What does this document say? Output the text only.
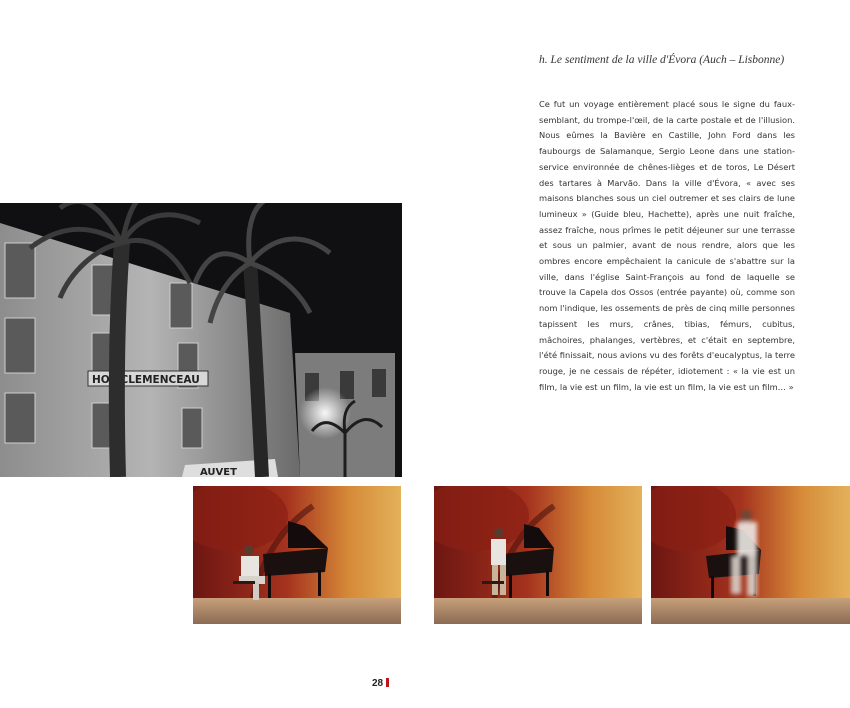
h. Le sentiment de la ville d'Évora (Auch – Lisbonne)
Ce fut un voyage entièrement placé sous le signe du faux-semblant, du trompe-l'œil, de la carte postale et de l'illusion. Nous eûmes la Bavière en Castille, John Ford dans les faubourgs de Salamanque, Sergio Leone dans une station-service environnée de chênes-lièges et de toros, Le Désert des tartares à Marvão. Dans la ville d'Évora, « avec ses maisons blanches sous un ciel outremer et ses clairs de lune lumineux » (Guide bleu, Hachette), après une nuit fraîche, assez fraîche, nous prîmes le petit déjeuner sur une terrasse et sous un palmier, avant de nous rendre, alors que les ombres encore empêchaient la canicule de s'abattre sur la ville, dans l'église Saint-François au fond de laquelle se trouve la Capela dos Ossos (entrée payante) où, comme son nom l'indique, les ossements de près de cinq mille personnes tapissent les murs, crânes, tibias, fémurs, cubitus, mâchoires, phalanges, vertèbres, et c'était en septembre, l'été finissait, nous avions vu des forêts d'eucalyptus, la terre rouge, je ne cessais de répéter, idiotement : « la vie est un film, la vie est un film, la vie est un film, la vie est un film… »
HOT CLEMENCEAU
AUVET
28
